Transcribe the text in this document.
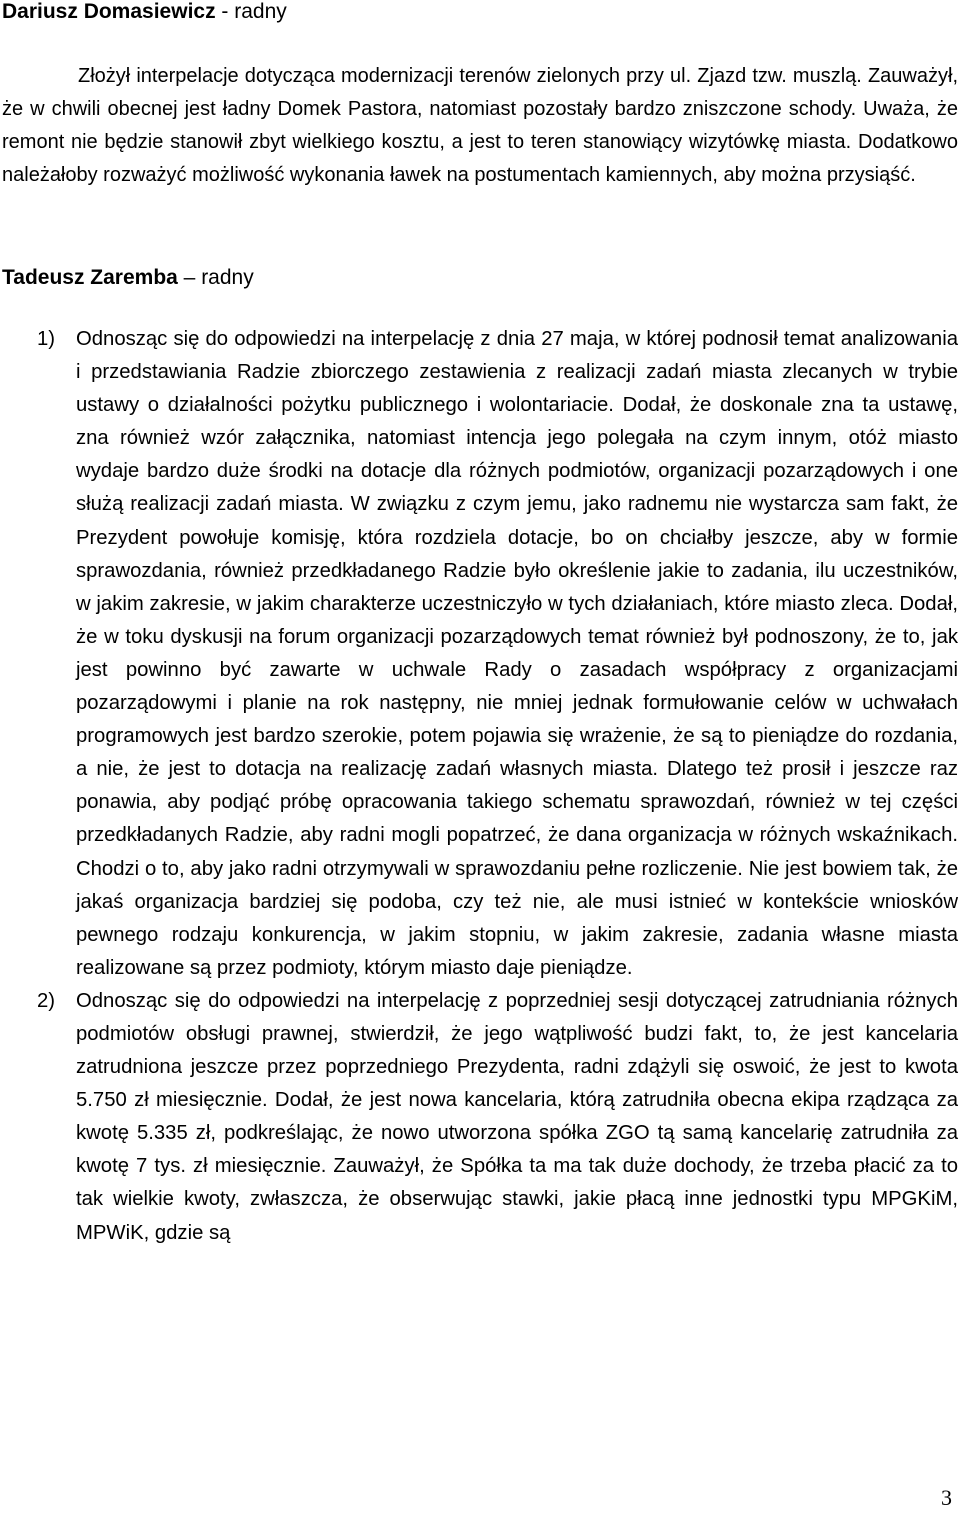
Dariusz Domasiewicz - radny

Złożył interpelacje dotycząca modernizacji terenów zielonych przy ul. Zjazd tzw. muszlą. Zauważył, że w chwili obecnej jest ładny Domek Pastora, natomiast pozostały bardzo zniszczone schody. Uważa, że remont nie będzie stanowił zbyt wielkiego kosztu, a jest to teren stanowiący wizytówkę miasta. Dodatkowo należałoby rozważyć możliwość wykonania ławek na postumentach kamiennych, aby można przysiąść.

Tadeusz Zaremba – radny
1) Odnosząc się do odpowiedzi na interpelację z dnia 27 maja, w której podnosił temat analizowania i przedstawiania Radzie zbiorczego zestawienia z realizacji zadań miasta zlecanych w trybie ustawy o działalności pożytku publicznego i wolontariacie. Dodał, że doskonale zna ta ustawę, zna również wzór załącznika, natomiast intencja jego polegała na czym innym, otóż miasto wydaje bardzo duże środki na dotacje dla różnych podmiotów, organizacji pozarządowych i one służą realizacji zadań miasta. W związku z czym jemu, jako radnemu nie wystarcza sam fakt, że Prezydent powołuje komisję, która rozdziela dotacje, bo on chciałby jeszcze, aby w formie sprawozdania, również przedkładanego Radzie było określenie jakie to zadania, ilu uczestników, w jakim zakresie, w jakim charakterze uczestniczyło w tych działaniach, które miasto zleca. Dodał, że w toku dyskusji na forum organizacji pozarządowych temat również był podnoszony, że to, jak jest powinno być zawarte w uchwale Rady o zasadach współpracy z organizacjami pozarządowymi i planie na rok następny, nie mniej jednak formułowanie celów w uchwałach programowych jest bardzo szerokie, potem pojawia się wrażenie, że są to pieniądze do rozdania, a nie, że jest to dotacja na realizację zadań własnych miasta. Dlatego też prosił i jeszcze raz ponawia, aby podjąć próbę opracowania takiego schematu sprawozdań, również w tej części przedkładanych Radzie, aby radni mogli popatrzeć, że dana organizacja w różnych wskaźnikach. Chodzi o to, aby jako radni otrzymywali w sprawozdaniu pełne rozliczenie. Nie jest bowiem tak, że jakaś organizacja bardziej się podoba, czy też nie, ale musi istnieć w kontekście wniosków pewnego rodzaju konkurencja, w jakim stopniu, w jakim zakresie, zadania własne miasta realizowane są przez podmioty, którym miasto daje pieniądze.
2) Odnosząc się do odpowiedzi na interpelację z poprzedniej sesji dotyczącej zatrudniania różnych podmiotów obsługi prawnej, stwierdził, że jego wątpliwość budzi fakt, to, że jest kancelaria zatrudniona jeszcze przez poprzedniego Prezydenta, radni zdążyli się oswoić, że jest to kwota 5.750 zł miesięcznie. Dodał, że jest nowa kancelaria, którą zatrudniła obecna ekipa rządząca za kwotę 5.335 zł, podkreślając, że nowo utworzona spółka ZGO tą samą kancelarię zatrudniła za kwotę 7 tys. zł miesięcznie. Zauważył, że Spółka ta ma tak duże dochody, że trzeba płacić za to tak wielkie kwoty, zwłaszcza, że obserwując stawki, jakie płacą inne jednostki typu MPGKiM, MPWiK, gdzie są
3
